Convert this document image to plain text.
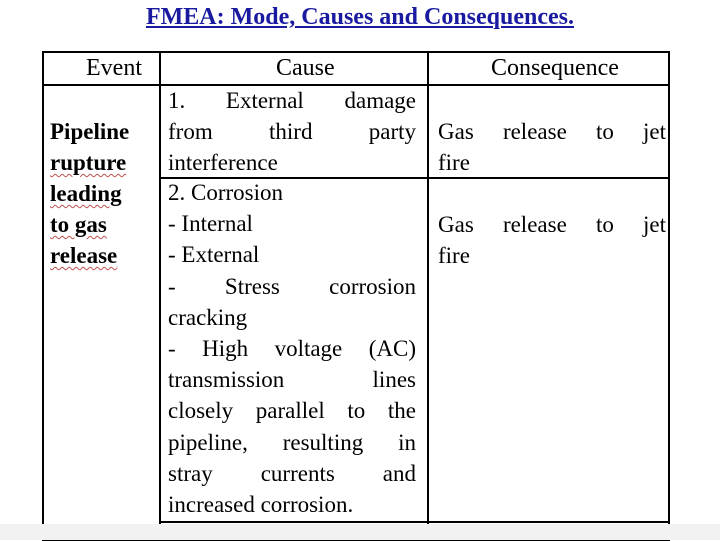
FMEA: Mode, Causes and Consequences.
Event	Cause	Consequence
Pipeline
rupture
leading
to gas
release
1. External damage
from third party
interference
Gas release to jet
fire
2. Corrosion
- Internal
- External
- Stress corrosion
cracking
- High voltage (AC)
transmission lines
closely parallel to the
pipeline, resulting in
stray currents and
increased corrosion.
Gas release to jet
fire
